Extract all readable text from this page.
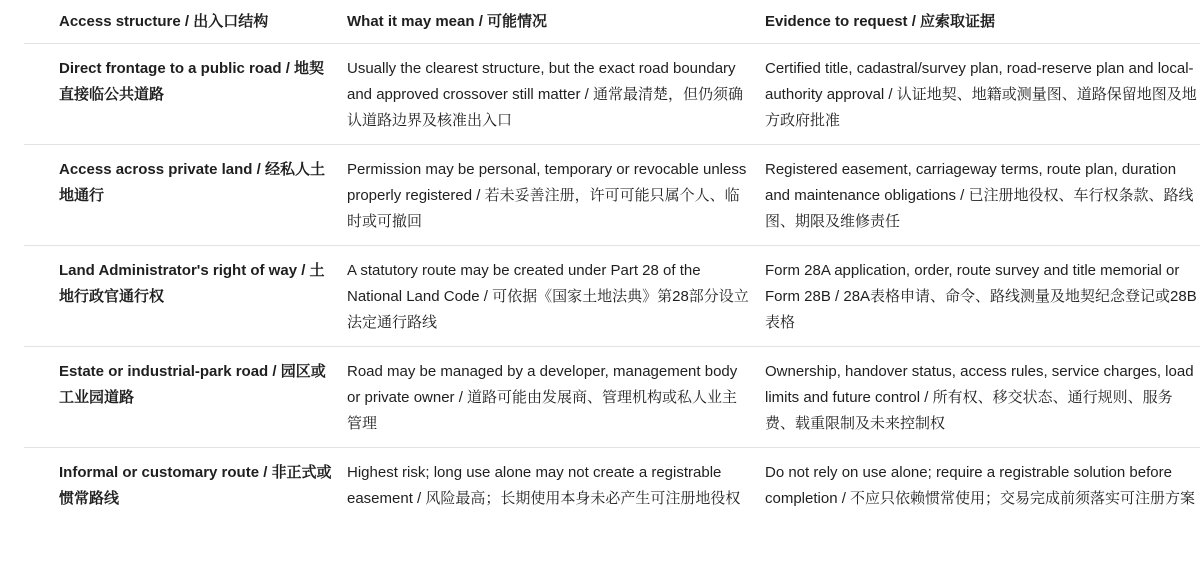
Access structure / 出入口结构	What it may mean / 可能情况	Evidence to request / 应索取证据
Direct frontage to a public road / 地契直接临公共道路
Usually the clearest structure, but the exact road boundary and approved crossover still matter / 通常最清楚，但仍须确认道路边界及核准出入口
Certified title, cadastral/survey plan, road-reserve plan and local-authority approval / 认证地契、地籍或测量图、道路保留地图及地方政府批准
Access across private land / 经私人土地通行
Permission may be personal, temporary or revocable unless properly registered / 若未妥善注册，许可可能只属个人、临时或可撤回
Registered easement, carriageway terms, route plan, duration and maintenance obligations / 已注册地役权、车行权条款、路线图、期限及维修责任
Land Administrator's right of way / 土地行政官通行权
A statutory route may be created under Part 28 of the National Land Code / 可依据《国家土地法典》第28部分设立法定通行路线
Form 28A application, order, route survey and title memorial or Form 28B / 28A表格申请、命令、路线测量及地契纪念登记或28B表格
Estate or industrial-park road / 园区或工业园道路
Road may be managed by a developer, management body or private owner / 道路可能由发展商、管理机构或私人业主管理
Ownership, handover status, access rules, service charges, load limits and future control / 所有权、移交状态、通行规则、服务费、载重限制及未来控制权
Informal or customary route / 非正式或惯常路线
Highest risk; long use alone may not create a registrable easement / 风险最高；长期使用本身未必产生可注册地役权
Do not rely on use alone; require a registrable solution before completion / 不应只依赖惯常使用；交易完成前须落实可注册方案
